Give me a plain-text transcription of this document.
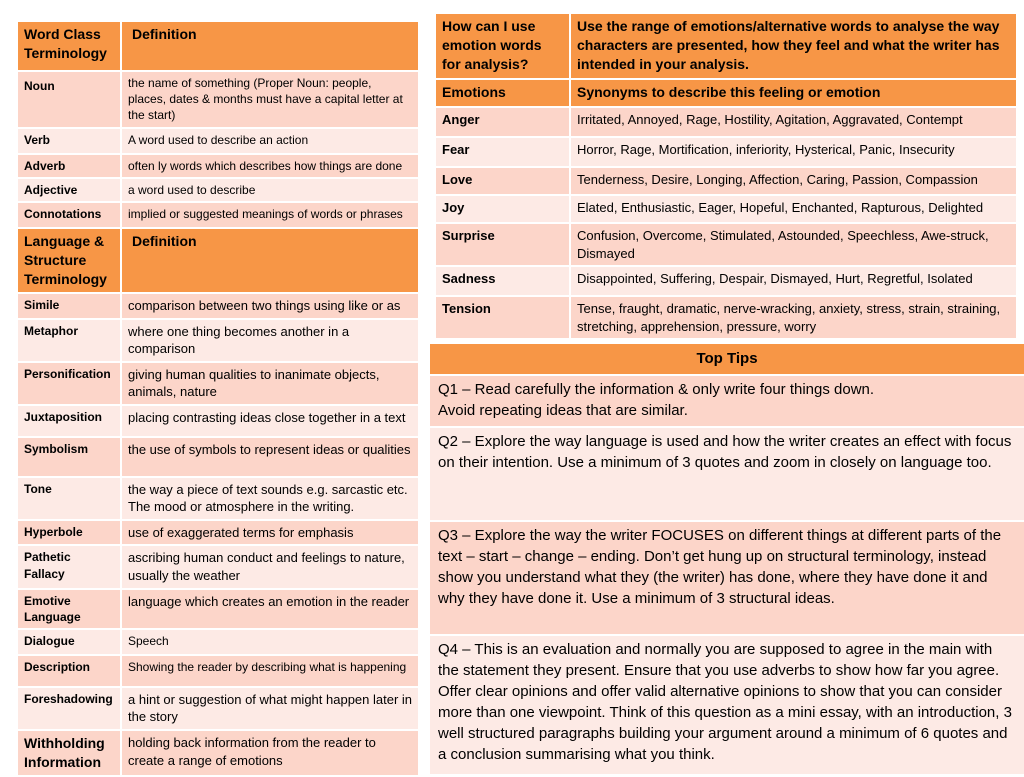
Word Class Terminology	Definition
Noun	the name of something (Proper Noun: people, places, dates & months must have a capital letter at the start)
Verb	A word used to describe an action
Adverb	often ly words which describes how things are done
Adjective	a word used to describe
Connotations	implied or suggested meanings of words or phrases
Language & Structure Terminology	Definition
Simile	comparison between two things using like or as
Metaphor	where one thing becomes another in a comparison
Personification	giving human qualities to inanimate objects, animals, nature
Juxtaposition	placing contrasting ideas close together in a text
Symbolism	the use of symbols to represent ideas or qualities
Tone	the way a piece of text sounds e.g. sarcastic etc. The mood or atmosphere in the writing.
Hyperbole	use of exaggerated terms for emphasis
Pathetic Fallacy	ascribing human conduct and feelings to nature, usually the weather
Emotive Language	language which creates an emotion in the reader
Dialogue	Speech
Description	Showing the reader by describing what is happening
Foreshadowing	a hint or suggestion of what might happen later in the story
Withholding Information	holding back information from the reader to create a range of emotions
How can I use emotion words for analysis?	Use the range of emotions/alternative words to analyse the way characters are presented, how they feel and what the writer has intended in your analysis.
Emotions	Synonyms to describe this feeling or emotion
Anger	Irritated, Annoyed, Rage, Hostility, Agitation, Aggravated, Contempt
Fear	Horror, Rage, Mortification, inferiority, Hysterical, Panic, Insecurity
Love	Tenderness, Desire, Longing, Affection, Caring, Passion, Compassion
Joy	Elated, Enthusiastic, Eager, Hopeful, Enchanted, Rapturous, Delighted
Surprise	Confusion, Overcome, Stimulated, Astounded, Speechless, Awe-struck, Dismayed
Sadness	Disappointed, Suffering, Despair, Dismayed, Hurt, Regretful, Isolated
Tension	Tense, fraught, dramatic, nerve-wracking, anxiety, stress, strain, straining, stretching, apprehension, pressure, worry
Top Tips
Q1 – Read carefully the information & only write four things down.
Avoid repeating ideas that are similar.
Q2 – Explore the way language is used and how the writer creates an effect with focus on their intention. Use a minimum of 3 quotes and zoom in closely on language too.
Q3 – Explore the way the writer FOCUSES on different things at different parts of the text – start – change – ending. Don’t get hung up on structural terminology, instead show you understand what they (the writer) has done, where they have done it and why they have done it. Use a minimum of 3 structural ideas.
Q4 – This is an evaluation and normally you are supposed to agree in the main with the statement they present. Ensure that you use adverbs to show how far you agree. Offer clear opinions and offer valid alternative opinions to show that you can consider more than one viewpoint. Think of this question as a mini essay, with an introduction, 3 well structured paragraphs building your argument around a minimum of 6 quotes and a conclusion summarising what you think.
